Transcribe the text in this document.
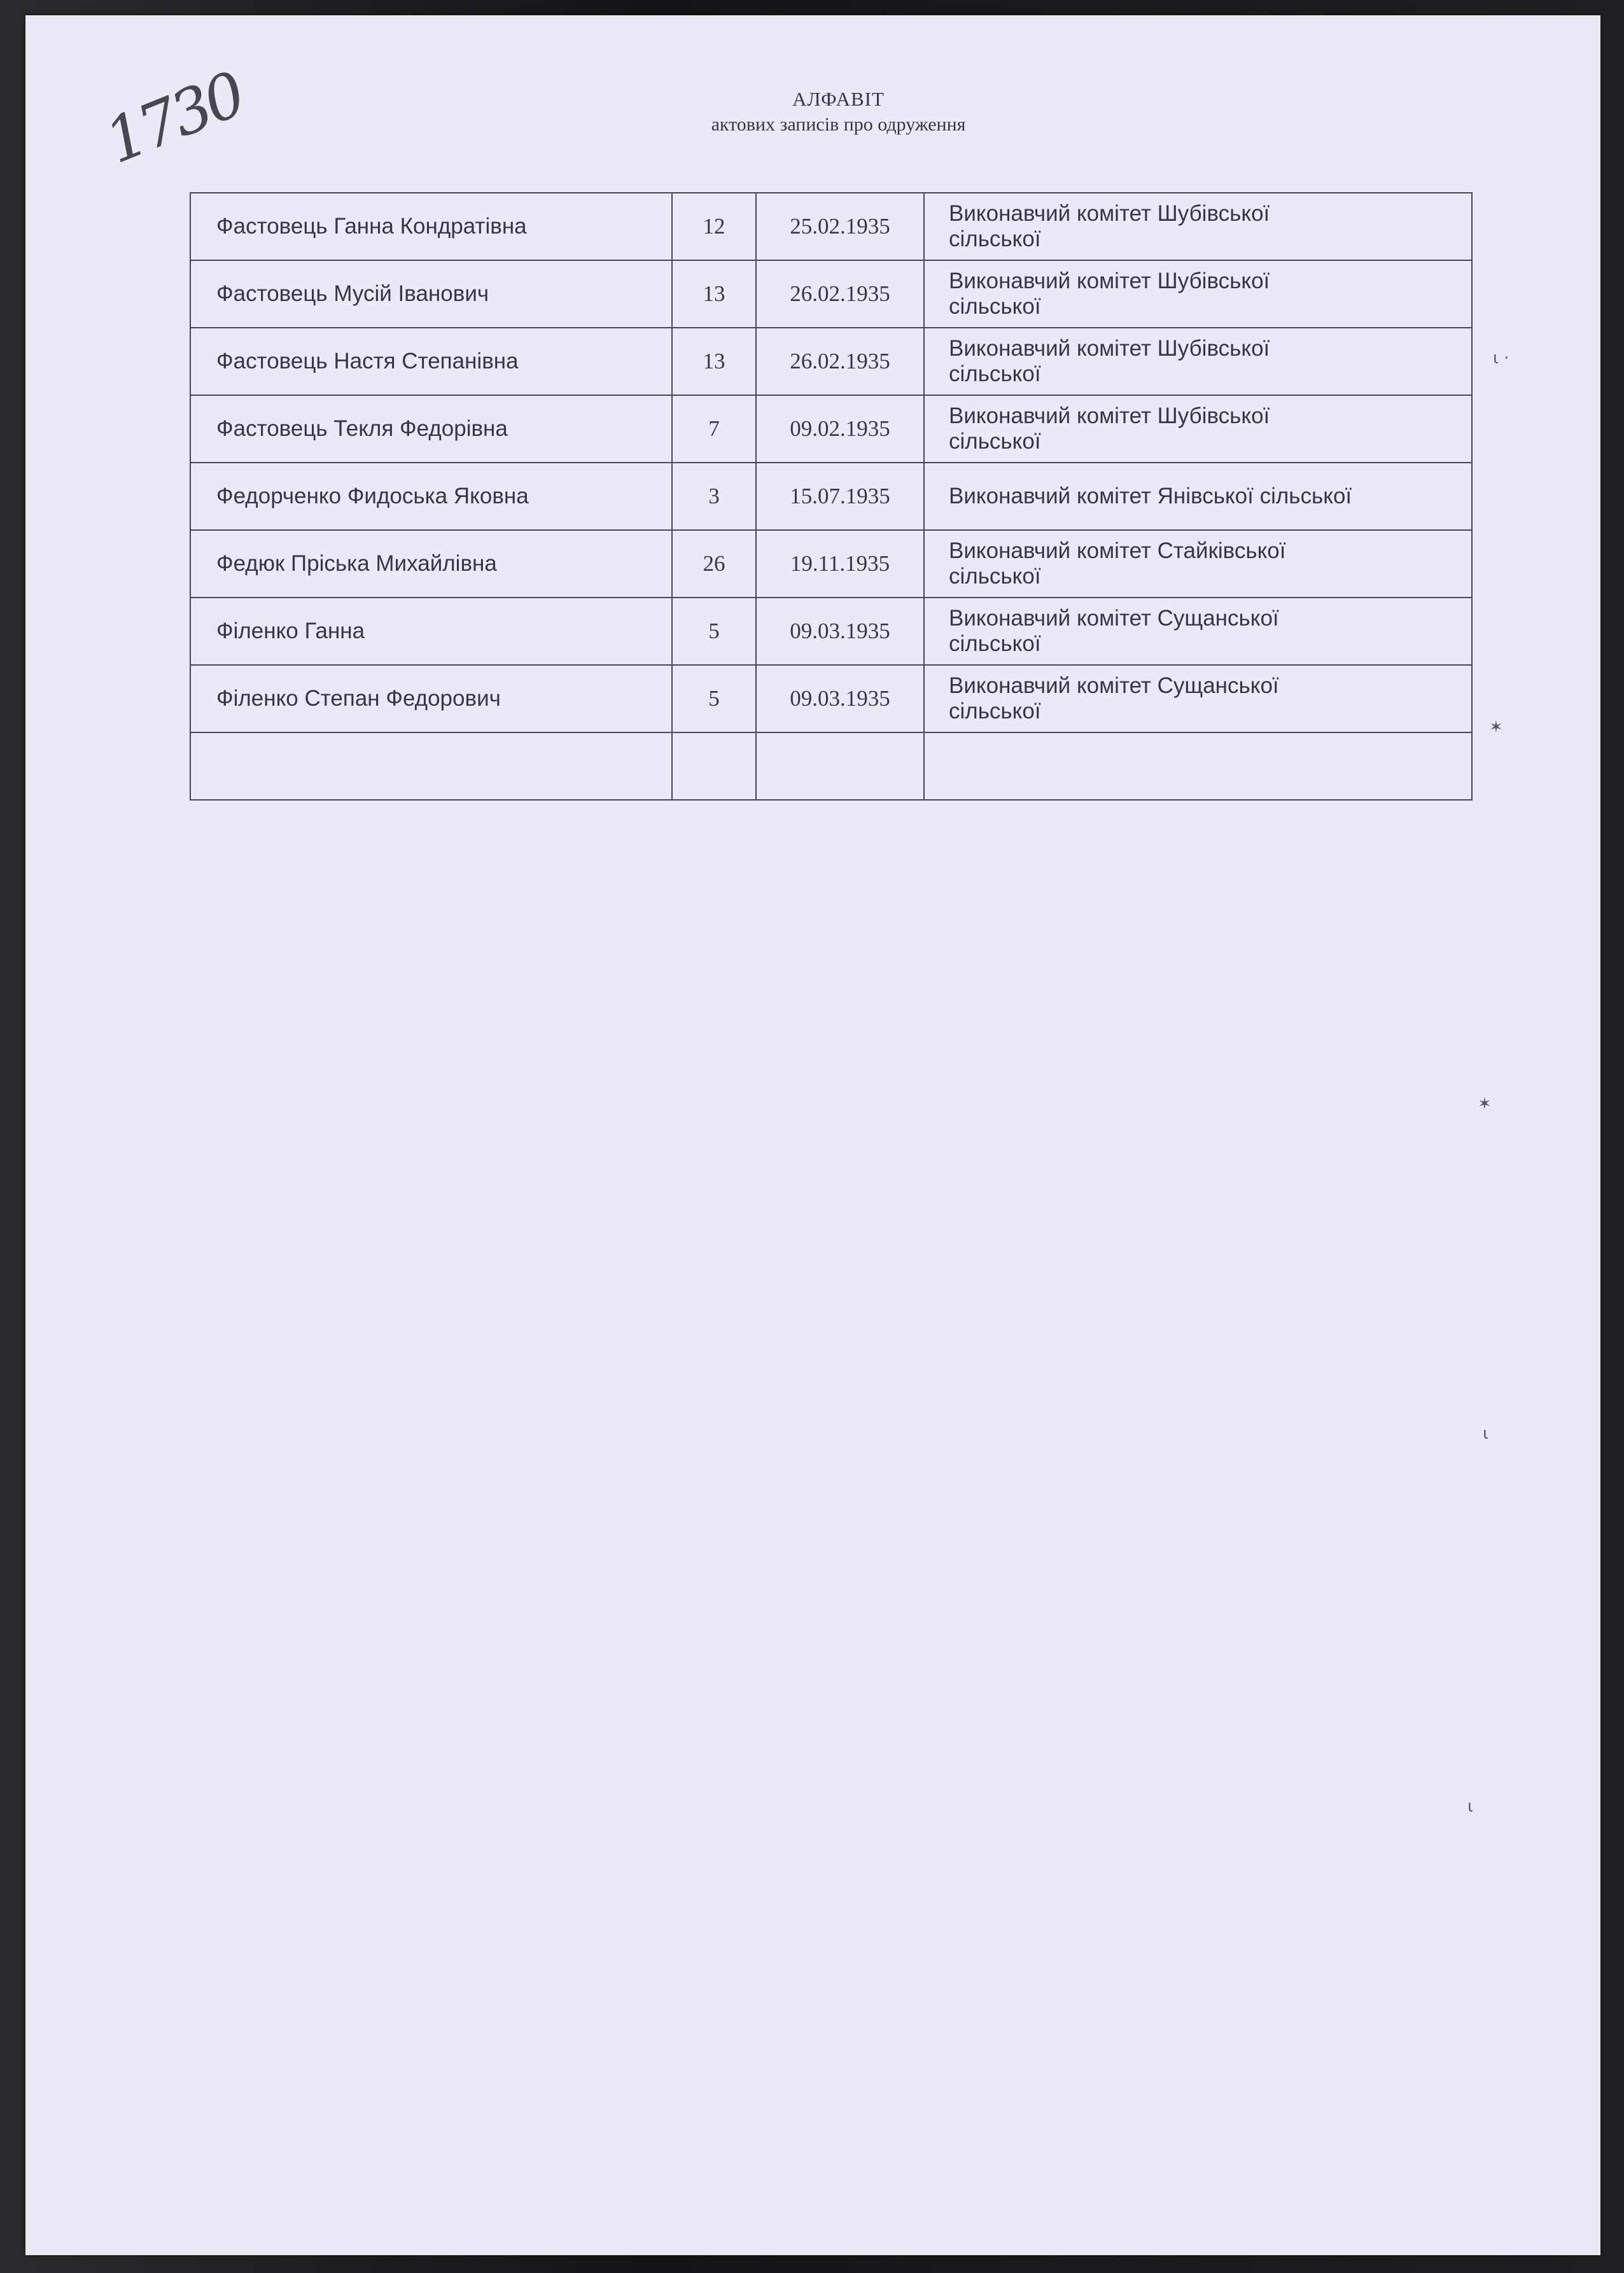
АЛФАВІТ
актових записів про одруження
1730
Фастовець Ганна Кондратівна	12	25.02.1935	Виконавчий комітет Шубівської
сільської

Фастовець Мусій Іванович	13	26.02.1935	Виконавчий комітет Шубівської
сільської

Фастовець Настя Степанівна	13	26.02.1935	Виконавчий комітет Шубівської
сільської

Фастовець Текля Федорівна	7	09.02.1935	Виконавчий комітет Шубівської
сільської

Федорченко Фидоська Яковна	3	15.07.1935	Виконавчий комітет Янівської сільської

Федюк Пріська Михайлівна	26	19.11.1935	Виконавчий комітет Стайківської
сільської

Філенко Ганна	5	09.03.1935	Виконавчий комітет Сущанської
сільської

Філенко Степан Федорович	5	09.03.1935	Виконавчий комітет Сущанської
сільської

ɩ ·
✶
✶
ɩ
ɩ
